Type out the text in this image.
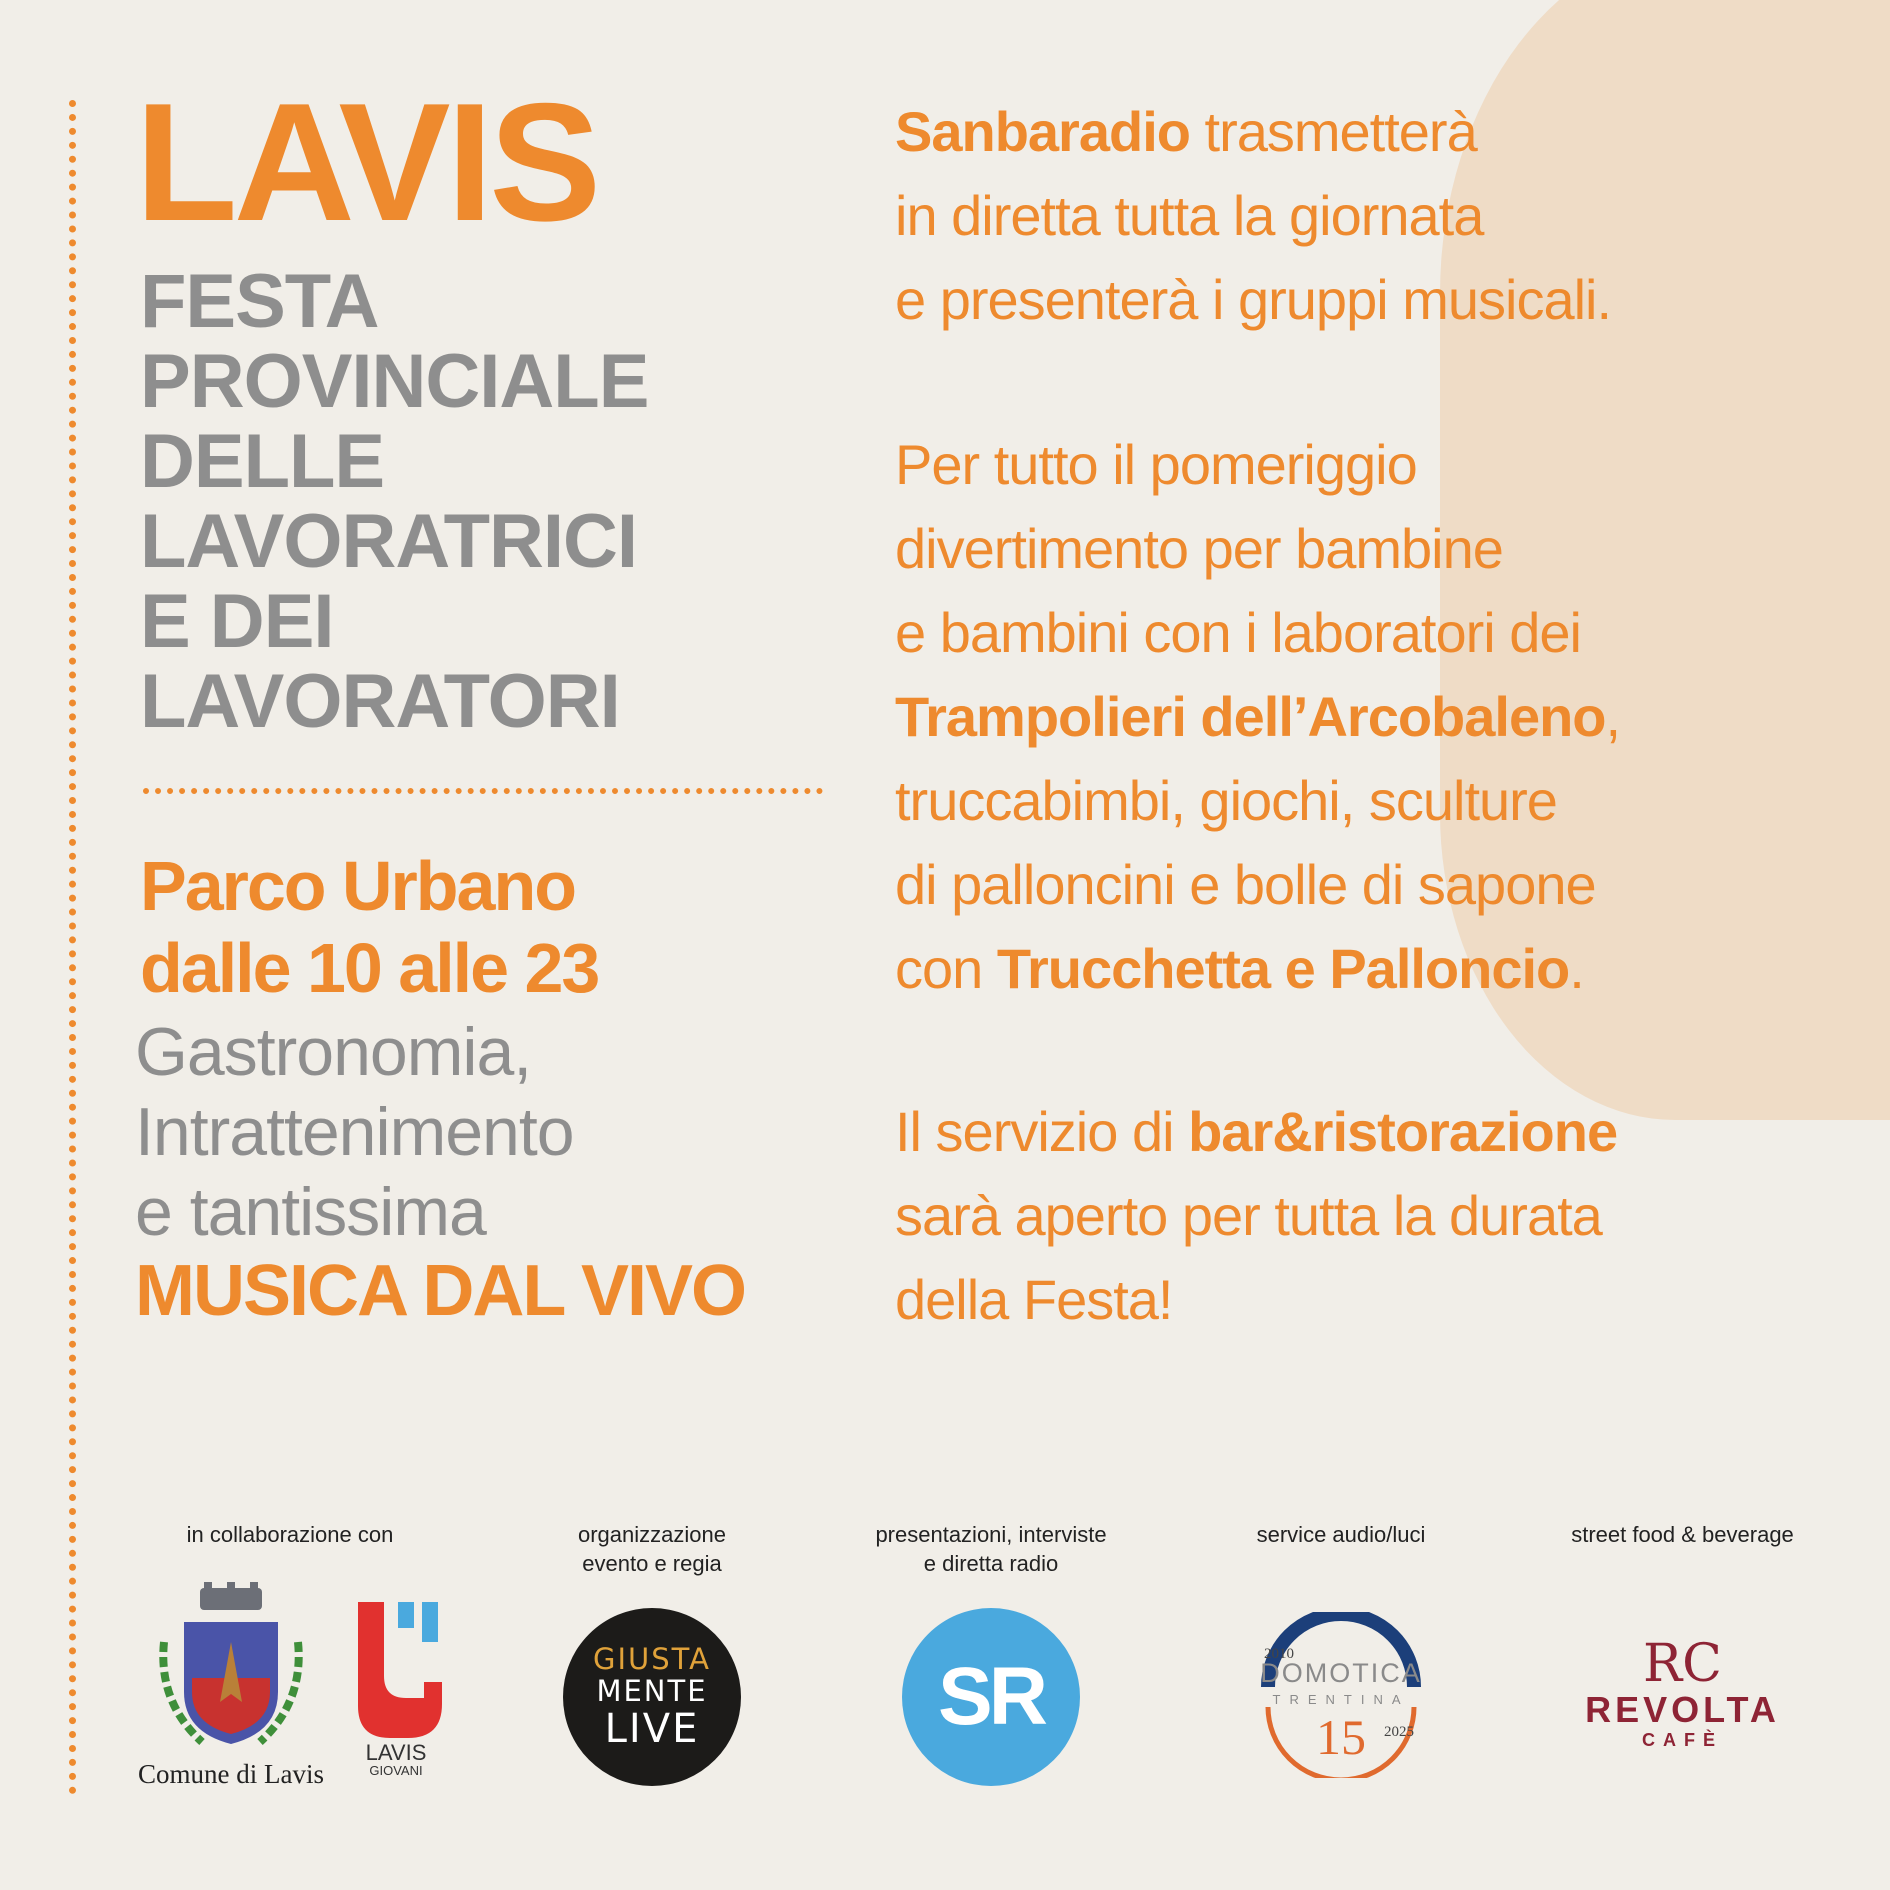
LAVIS
FESTA
PROVINCIALE
DELLE
LAVORATRICI
E DEI
LAVORATORI
Parco Urbano
dalle 10 alle 23
Gastronomia,
Intrattenimento
e tantissima
MUSICA DAL VIVO
Sanbaradio trasmetterà
in diretta tutta la giornata
e presenterà i gruppi musicali.
Per tutto il pomeriggio
divertimento per bambine
e bambini con i laboratori dei
Trampolieri dell’Arcobaleno,
truccabimbi, giochi, sculture
di palloncini e bolle di sapone
con Trucchetta e Palloncio.
Il servizio di bar&ristorazione
sarà aperto per tutta la durata
della Festa!
in collaborazione con
Comune di Lavis
LAVIS
GIOVANI
organizzazione
evento e regia
GIUSTA
MENTE
LIVE
presentazioni, interviste
e diretta radio
SR
service audio/luci
2010
DOMOTICA
TRENTINA
15	2025
street food & beverage
RC
REVOLTA
CAFÈ
